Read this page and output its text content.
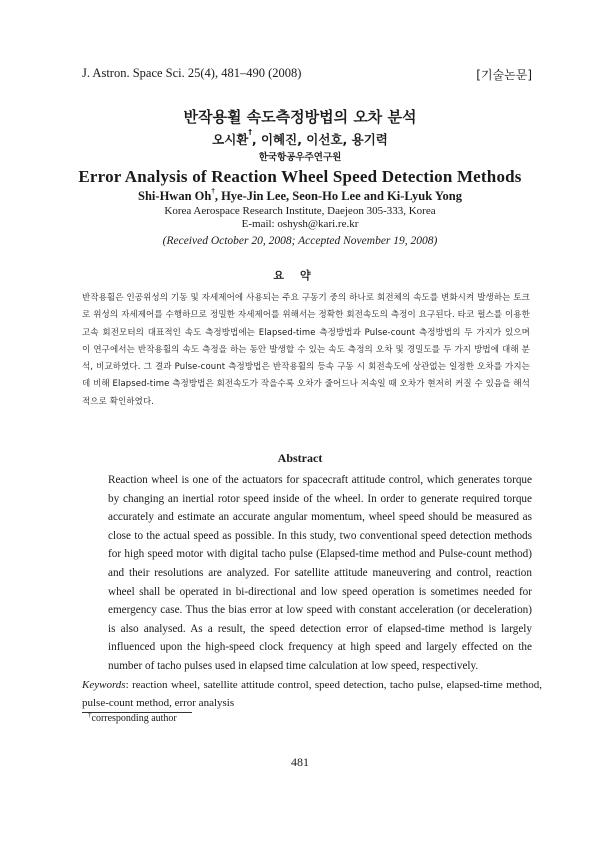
J. Astron. Space Sci. 25(4), 481–490 (2008)	[기술논문]
반작용휠 속도측정방법의 오차 분석
오시환†, 이혜진, 이선호, 용기력
한국항공우주연구원
Error Analysis of Reaction Wheel Speed Detection Methods
Shi-Hwan Oh†, Hye-Jin Lee, Seon-Ho Lee and Ki-Lyuk Yong
Korea Aerospace Research Institute, Daejeon 305-333, Korea
E-mail: oshysh@kari.re.kr
(Received October 20, 2008; Accepted November 19, 2008)
요약
반작용휠은 인공위성의 기동 및 자세제어에 사용되는 주요 구동기 중의 하나로 회전체의 속도를 변화시켜 발생하는 토크로 위성의 자세제어를 수행하므로 정밀한 자세제어를 위해서는 정확한 회전속도의 측정이 요구된다. 타코 펄스를 이용한 고속 회전모터의 대표적인 속도 측정방법에는 Elapsed-time 측정방법과 Pulse-count 측정방법의 두 가지가 있으며 이 연구에서는 반작용휠의 속도 측정을 하는 동안 발생할 수 있는 속도 측정의 오차 및 경밀도를 두 가지 방법에 대해 분석, 비교하였다. 그 결과 Pulse-count 측정방법은 반작용휠의 등속 구동 시 회전속도에 상관없는 일정한 오차를 가지는데 비해 Elapsed-time 측정방법은 회전속도가 작을수록 오차가 줄어드나 저속일 때 오차가 현저히 커질 수 있음을 해석적으로 확인하였다.
Abstract
Reaction wheel is one of the actuators for spacecraft attitude control, which generates torque by changing an inertial rotor speed inside of the wheel. In order to generate required torque accurately and estimate an accurate angular momentum, wheel speed should be measured as close to the actual speed as possible. In this study, two conventional speed detection methods for high speed motor with digital tacho pulse (Elapsed-time method and Pulse-count method) and their resolutions are analyzed. For satellite attitude maneuvering and control, reaction wheel shall be operated in bi-directional and low speed operation is sometimes needed for emergency case. Thus the bias error at low speed with constant acceleration (or deceleration) is also analysed. As a result, the speed detection error of elapsed-time method is largely influenced upon the high-speed clock frequency at high speed and largely effected on the number of tacho pulses used in elapsed time calculation at low speed, respectively.
Keywords: reaction wheel, satellite attitude control, speed detection, tacho pulse, elapsed-time method, pulse-count method, error analysis
†corresponding author
481
